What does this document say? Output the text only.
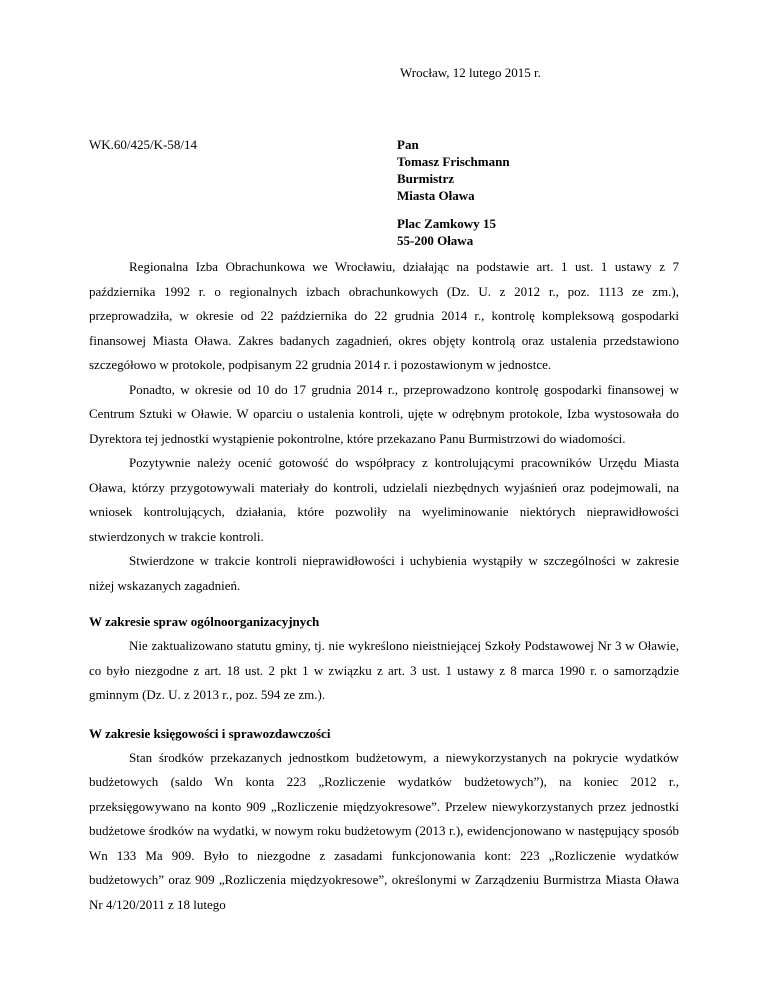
Wrocław, 12 lutego 2015 r.
WK.60/425/K-58/14	Pan
Tomasz Frischmann
Burmistrz
Miasta Oława
Plac Zamkowy 15
55-200 Oława

Regionalna Izba Obrachunkowa we Wrocławiu, działając na podstawie art. 1 ust. 1 ustawy z 7 października 1992 r. o regionalnych izbach obrachunkowych (Dz. U. z 2012 r., poz. 1113 ze zm.), przeprowadziła, w okresie od 22 października do 22 grudnia 2014 r., kontrolę kompleksową gospodarki finansowej Miasta Oława. Zakres badanych zagadnień, okres objęty kontrolą oraz ustalenia przedstawiono szczegółowo w protokole, podpisanym 22 grudnia 2014 r. i pozostawionym w jednostce.

Ponadto, w okresie od 10 do 17 grudnia 2014 r., przeprowadzono kontrolę gospodarki finansowej w Centrum Sztuki w Oławie. W oparciu o ustalenia kontroli, ujęte w odrębnym protokole, Izba wystosowała do Dyrektora tej jednostki wystąpienie pokontrolne, które przekazano Panu Burmistrzowi do wiadomości.

Pozytywnie należy ocenić gotowość do współpracy z kontrolującymi pracowników Urzędu Miasta Oława, którzy przygotowywali materiały do kontroli, udzielali niezbędnych wyjaśnień oraz podejmowali, na wniosek kontrolujących, działania, które pozwoliły na wyeliminowanie niektórych nieprawidłowości stwierdzonych w trakcie kontroli.

Stwierdzone w trakcie kontroli nieprawidłowości i uchybienia wystąpiły w szczególności w zakresie niżej wskazanych zagadnień.

W zakresie spraw ogólnoorganizacyjnych

Nie zaktualizowano statutu gminy, tj. nie wykreślono nieistniejącej Szkoły Podstawowej Nr 3 w Oławie, co było niezgodne z art. 18 ust. 2 pkt 1 w związku z art. 3 ust. 1 ustawy z 8 marca 1990 r. o samorządzie gminnym (Dz. U. z 2013 r., poz. 594 ze zm.).

W zakresie księgowości i sprawozdawczości

Stan środków przekazanych jednostkom budżetowym, a niewykorzystanych na pokrycie wydatków budżetowych (saldo Wn konta 223 „Rozliczenie wydatków budżetowych”), na koniec 2012 r., przeksięgowywano na konto 909 „Rozliczenie międzyokresowe”. Przelew niewykorzystanych przez jednostki budżetowe środków na wydatki, w nowym roku budżetowym (2013 r.), ewidencjonowano w następujący sposób Wn 133 Ma 909. Było to niezgodne z zasadami funkcjonowania kont: 223 „Rozliczenie wydatków budżetowych” oraz 909 „Rozliczenia międzyokresowe”, określonymi w Zarządzeniu Burmistrza Miasta Oława Nr 4/120/2011 z 18 lutego
